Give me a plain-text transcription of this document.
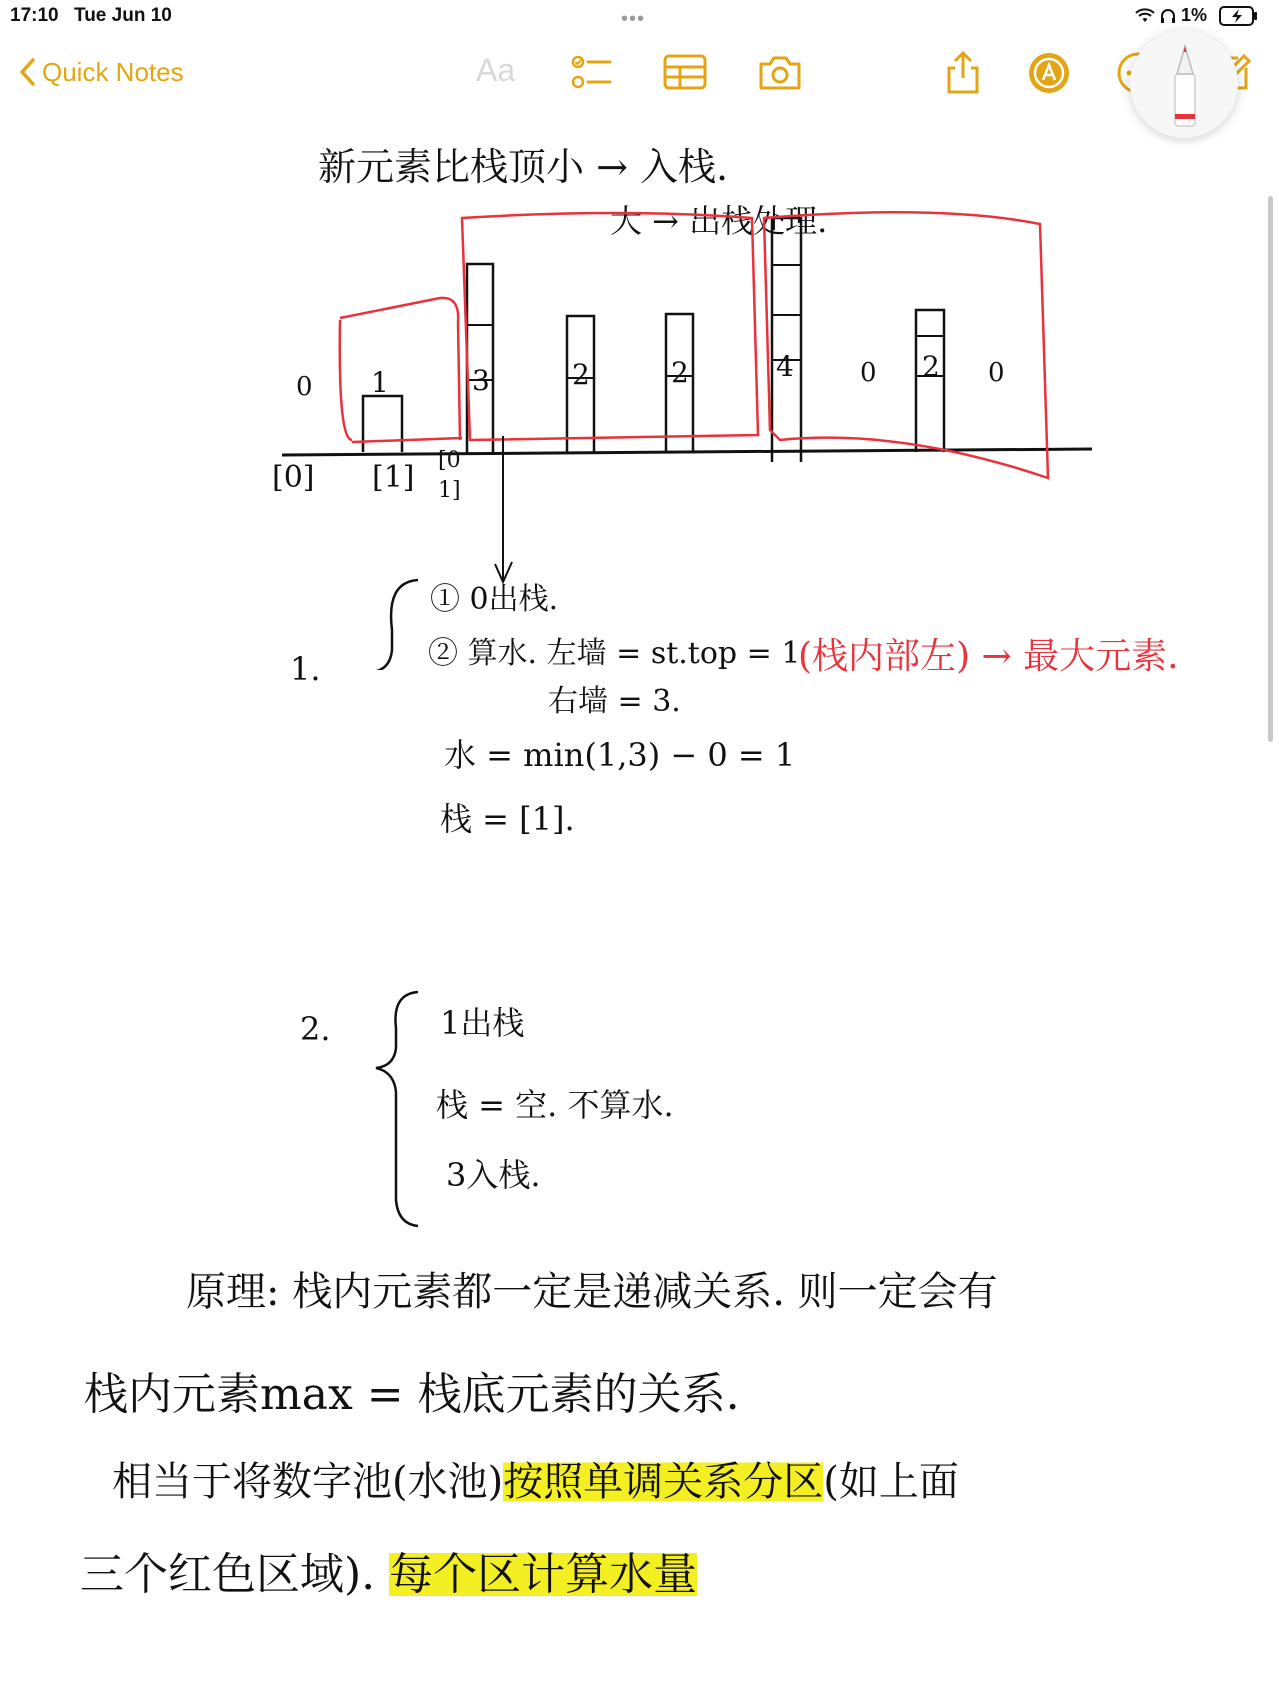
17:10 Tue Jun 10	•••	1%
Quick Notes	Aa
新元素比栈顶小 → 入栈.
大 → 出栈处理.
1	3	2	2	4	2
0	0	0
[0] [1] [0
1]
1.
① 0出栈.
② 算水. 左墙 = st.top = 1
右墙 = 3.
水 = min(1,3) − 0 = 1
栈 = [1].
(栈内部左) → 最大元素.
2.	1出栈
栈 = 空. 不算水.
3入栈.
原理: 栈内元素都一定是递减关系. 则一定会有
栈内元素max = 栈底元素的关系.
相当于将数字池(水池)按照单调关系分区(如上面
三个红色区域). 每个区计算水量
